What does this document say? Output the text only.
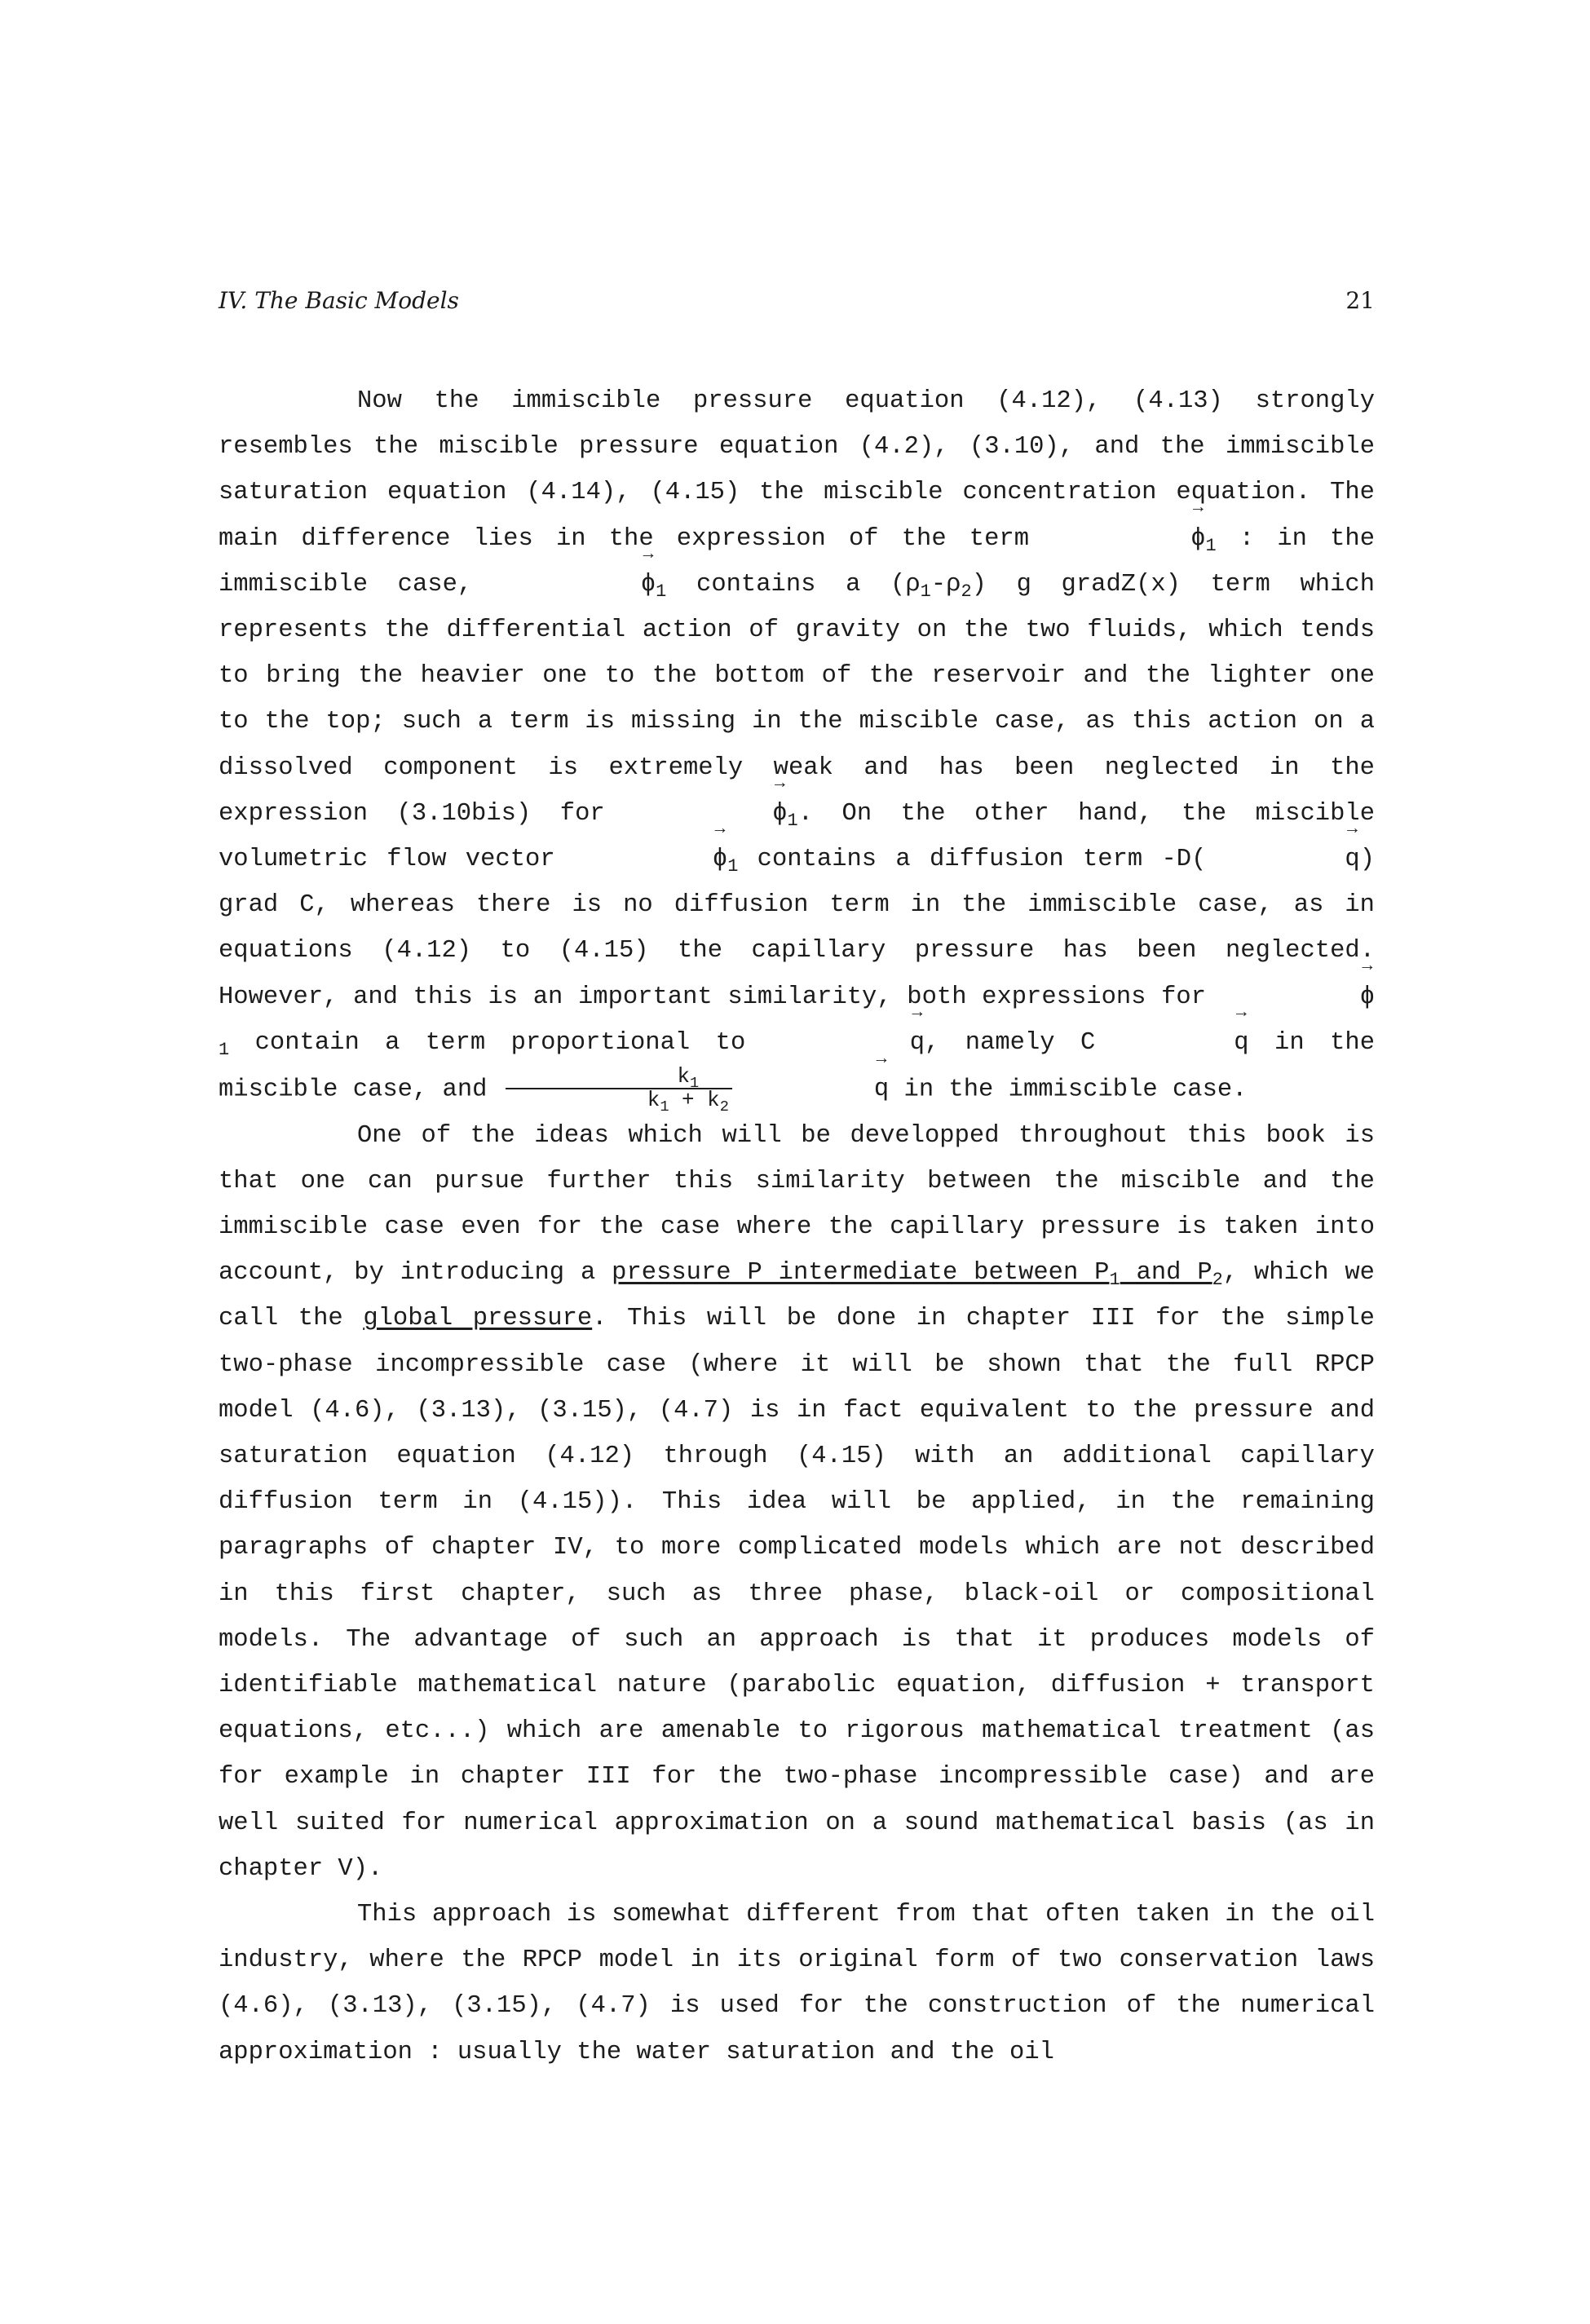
IV. The Basic Models	21

Now the immiscible pressure equation (4.12), (4.13) strongly resembles the miscible pressure equation (4.2), (3.10), and the immiscible saturation equation (4.14), (4.15) the miscible concentration equation. The main difference lies in the expression of the term	→ $\phi_1$ : in the immiscible case,	→ $\phi_1$ contains a $(\rho_1-\rho_2)$ g gradZ(x) term which represents the differential action of gravity on the two fluids, which tends to bring the heavier one to the bottom of the reservoir and the lighter one to the top; such a term is missing in the miscible case, as this action on a dissolved component is extremely weak and has been neglected in the expression (3.10bis) for	→ $\phi_1$. On the other hand, the miscible volumetric flow vector	→ $\phi_1$ contains a diffusion term -D(	→ q) grad C, whereas there is no diffusion term in the immiscible case, as in equations (4.12) to (4.15) the capillary pressure has been neglected. However, and this is an important similarity, both expressions for	→ $\phi_1$ contain a term proportional to	→ q, namely C	→ q in the miscible case, and $\frac{k_1}{k_1 + k_2}$	→ q in the immiscible case.

One of the ideas which will be developped throughout this book is that one can pursue further this similarity between the miscible and the immiscible case even for the case where the capillary pressure is taken into account, by introducing a pressure P intermediate between $P_1$ and $P_2$, which we call the global pressure. This will be done in chapter III for the simple two-phase incompressible case (where it will be shown that the full RPCP model (4.6), (3.13), (3.15), (4.7) is in fact equivalent to the pressure and saturation equation (4.12) through (4.15) with an additional capillary diffusion term in (4.15)). This idea will be applied, in the remaining paragraphs of chapter IV, to more complicated models which are not described in this first chapter, such as three phase, black-oil or compositional models. The advantage of such an approach is that it produces models of identifiable mathematical nature (parabolic equation, diffusion + transport equations, etc...) which are amenable to rigorous mathematical treatment (as for example in chapter III for the two-phase incompressible case) and are well suited for numerical approximation on a sound mathematical basis (as in chapter V).

This approach is somewhat different from that often taken in the oil industry, where the RPCP model in its original form of two conservation laws (4.6), (3.13), (3.15), (4.7) is used for the construction of the numerical approximation : usually the water saturation and the oil
